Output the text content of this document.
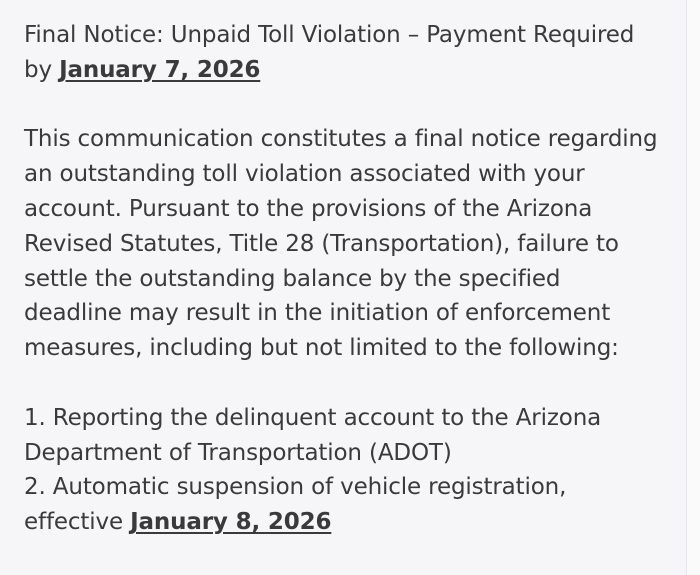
Final Notice: Unpaid Toll Violation – Payment Required by January 7, 2026

This communication constitutes a final notice regarding an outstanding toll violation associated with your account. Pursuant to the provisions of the Arizona Revised Statutes, Title 28 (Transportation), failure to settle the outstanding balance by the specified deadline may result in the initiation of enforcement measures, including but not limited to the following:

1. Reporting the delinquent account to the Arizona Department of Transportation (ADOT)

2. Automatic suspension of vehicle registration, effective January 8, 2026
